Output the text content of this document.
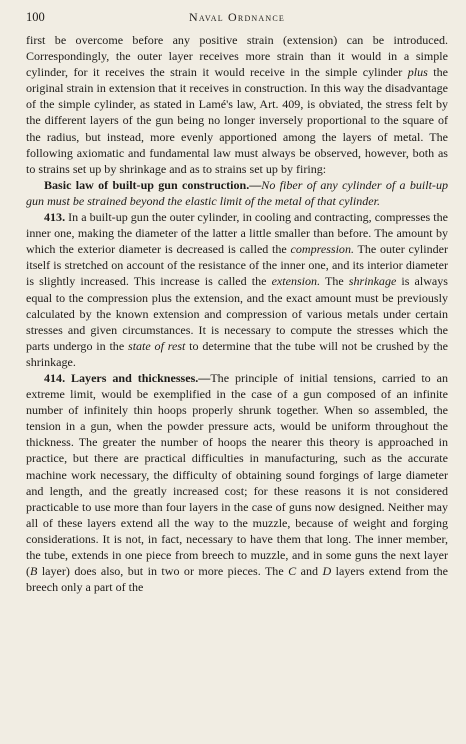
100	Naval Ordnance

first be overcome before any positive strain (extension) can be introduced. Correspondingly, the outer layer receives more strain than it would in a simple cylinder, for it receives the strain it would receive in the simple cylinder plus the original strain in extension that it receives in construction. In this way the disadvantage of the simple cylinder, as stated in Lamé's law, Art. 409, is obviated, the stress felt by the different layers of the gun being no longer inversely proportional to the square of the radius, but instead, more evenly apportioned among the layers of metal. The following axiomatic and fundamental law must always be observed, however, both as to strains set up by shrinkage and as to strains set up by firing:

Basic law of built-up gun construction.—No fiber of any cylinder of a built-up gun must be strained beyond the elastic limit of the metal of that cylinder.

413. In a built-up gun the outer cylinder, in cooling and contracting, compresses the inner one, making the diameter of the latter a little smaller than before. The amount by which the exterior diameter is decreased is called the compression. The outer cylinder itself is stretched on account of the resistance of the inner one, and its interior diameter is slightly increased. This increase is called the extension. The shrinkage is always equal to the compression plus the extension, and the exact amount must be previously calculated by the known extension and compression of various metals under certain stresses and given circumstances. It is necessary to compute the stresses which the parts undergo in the state of rest to determine that the tube will not be crushed by the shrinkage.

414. Layers and thicknesses.—The principle of initial tensions, carried to an extreme limit, would be exemplified in the case of a gun composed of an infinite number of infinitely thin hoops properly shrunk together. When so assembled, the tension in a gun, when the powder pressure acts, would be uniform throughout the thickness. The greater the number of hoops the nearer this theory is approached in practice, but there are practical difficulties in manufacturing, such as the accurate machine work necessary, the difficulty of obtaining sound forgings of large diameter and length, and the greatly increased cost; for these reasons it is not considered practicable to use more than four layers in the case of guns now designed. Neither may all of these layers extend all the way to the muzzle, because of weight and forging considerations. It is not, in fact, necessary to have them that long. The inner member, the tube, extends in one piece from breech to muzzle, and in some guns the next layer (B layer) does also, but in two or more pieces. The C and D layers extend from the breech only a part of the
